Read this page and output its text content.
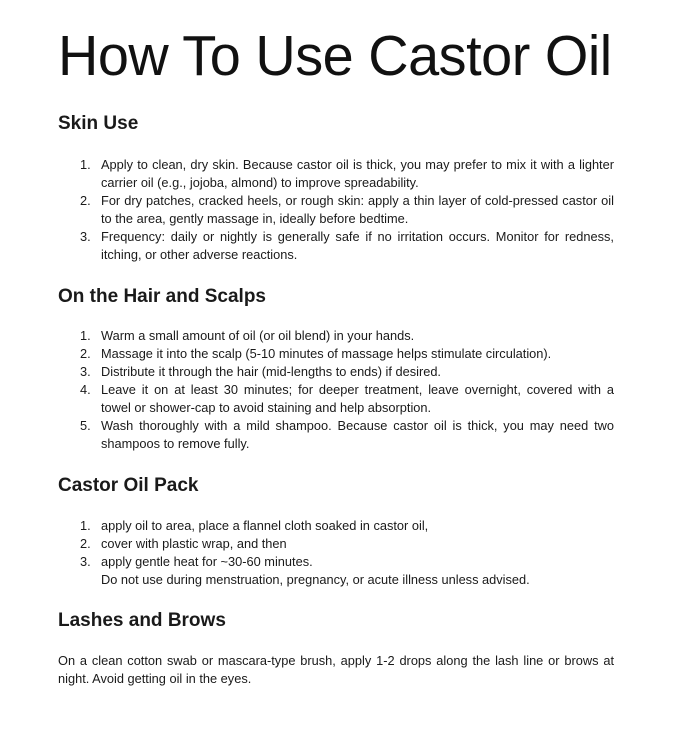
How To Use Castor Oil
Skin Use
1. Apply to clean, dry skin. Because castor oil is thick, you may prefer to mix it with a lighter carrier oil (e.g., jojoba, almond) to improve spreadability.
2. For dry patches, cracked heels, or rough skin: apply a thin layer of cold-pressed castor oil to the area, gently massage in, ideally before bedtime.
3. Frequency: daily or nightly is generally safe if no irritation occurs. Monitor for redness, itching, or other adverse reactions.
On the Hair and Scalps
1. Warm a small amount of oil (or oil blend) in your hands.
2. Massage it into the scalp (5-10 minutes of massage helps stimulate circulation).
3. Distribute it through the hair (mid-lengths to ends) if desired.
4. Leave it on at least 30 minutes; for deeper treatment, leave overnight, covered with a towel or shower-cap to avoid staining and help absorption.
5. Wash thoroughly with a mild shampoo. Because castor oil is thick, you may need two shampoos to remove fully.
Castor Oil Pack
1. apply oil to area, place a flannel cloth soaked in castor oil,
2. cover with plastic wrap, and then
3. apply gentle heat for ~30-60 minutes.
Do not use during menstruation, pregnancy, or acute illness unless advised.
Lashes and Brows

On a clean cotton swab or mascara-type brush, apply 1-2 drops along the lash line or brows at night. Avoid getting oil in the eyes.
